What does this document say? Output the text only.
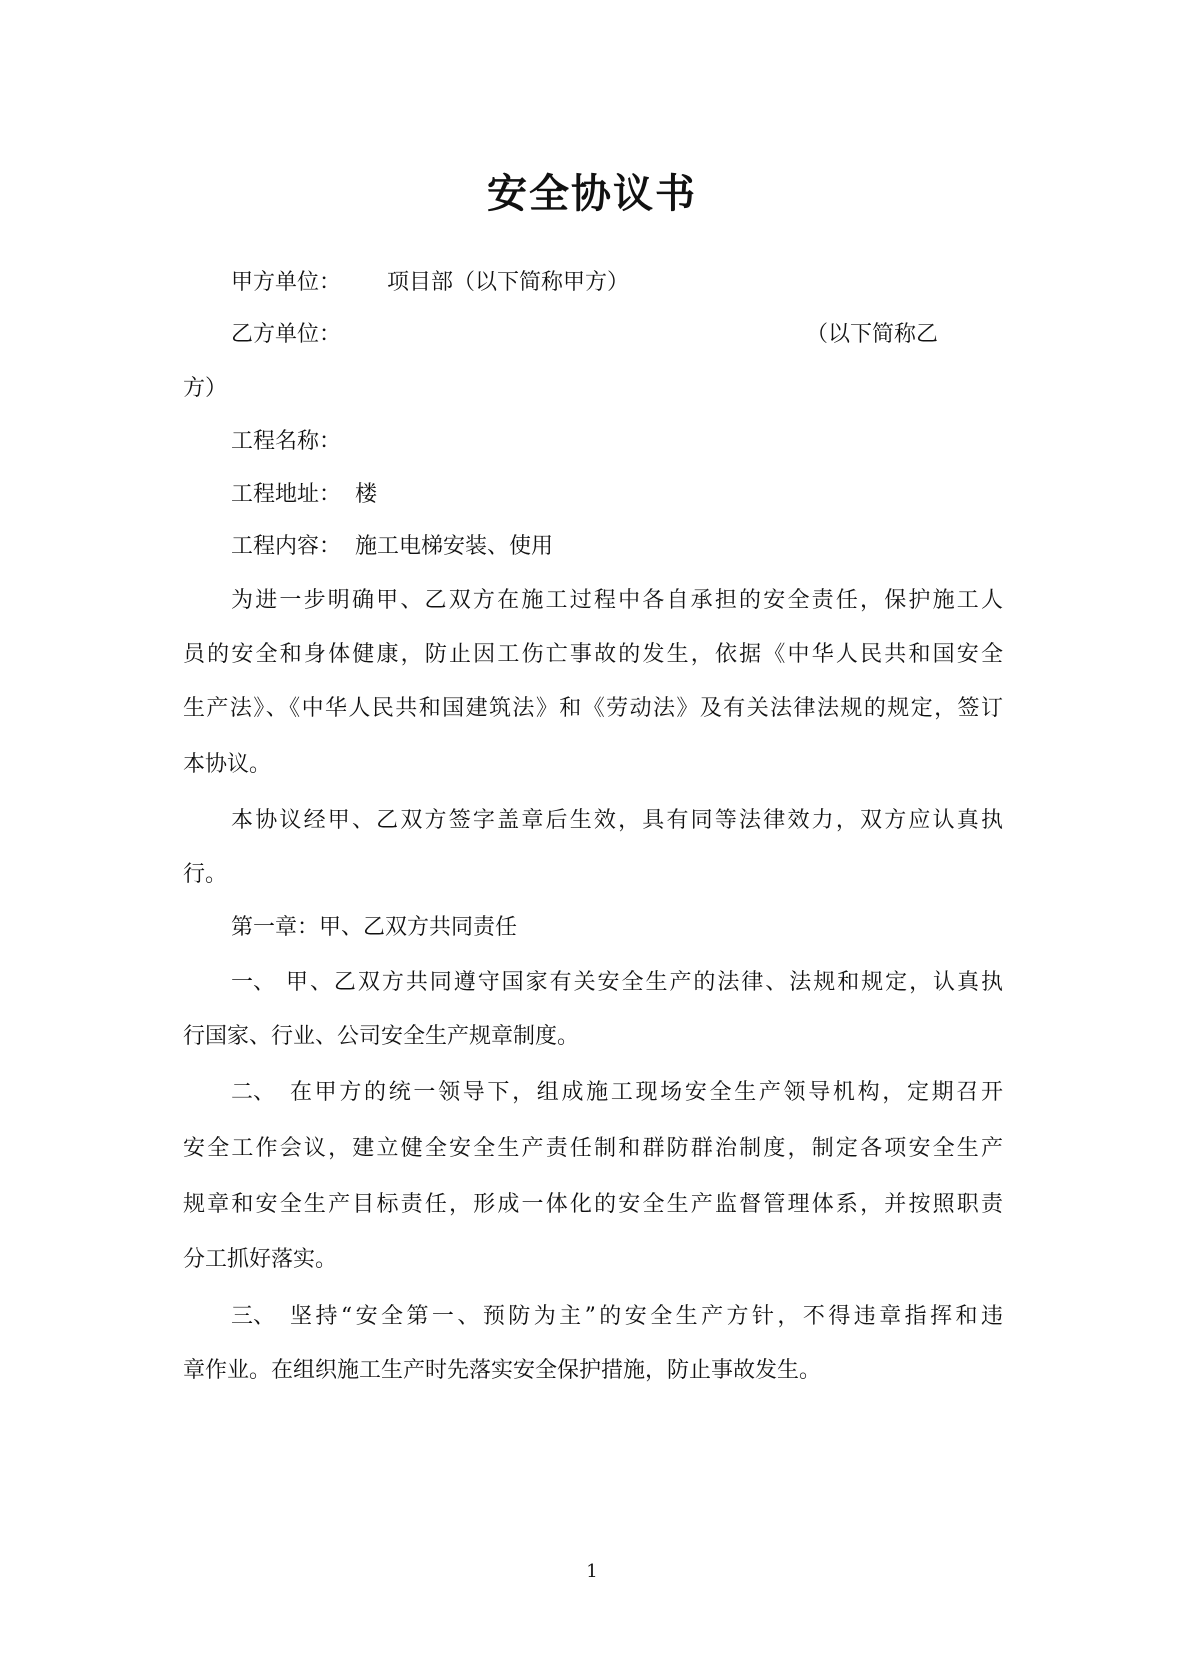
安全协议书
甲方单位： 项目部（以下简称甲方）
乙方单位：	（以下简称乙
方）
工程名称：
工程地址： 楼
工程内容： 施工电梯安装、使用
为进一步明确甲、乙双方在施工过程中各自承担的安全责任，保护施工人
员的安全和身体健康，防止因工伤亡事故的发生，依据《中华人民共和国安全
生产法》、《中华人民共和国建筑法》和《劳动法》及有关法律法规的规定，签订
本协议。
本协议经甲、乙双方签字盖章后生效，具有同等法律效力，双方应认真执
行。
第一章：甲、乙双方共同责任
一、 甲、乙双方共同遵守国家有关安全生产的法律、法规和规定，认真执
行国家、行业、公司安全生产规章制度。
二、 在甲方的统一领导下，组成施工现场安全生产领导机构，定期召开
安全工作会议，建立健全安全生产责任制和群防群治制度，制定各项安全生产
规章和安全生产目标责任，形成一体化的安全生产监督管理体系，并按照职责
分工抓好落实。
三、 坚持“安全第一、预防为主”的安全生产方针，不得违章指挥和违
章作业。在组织施工生产时先落实安全保护措施，防止事故发生。
1
